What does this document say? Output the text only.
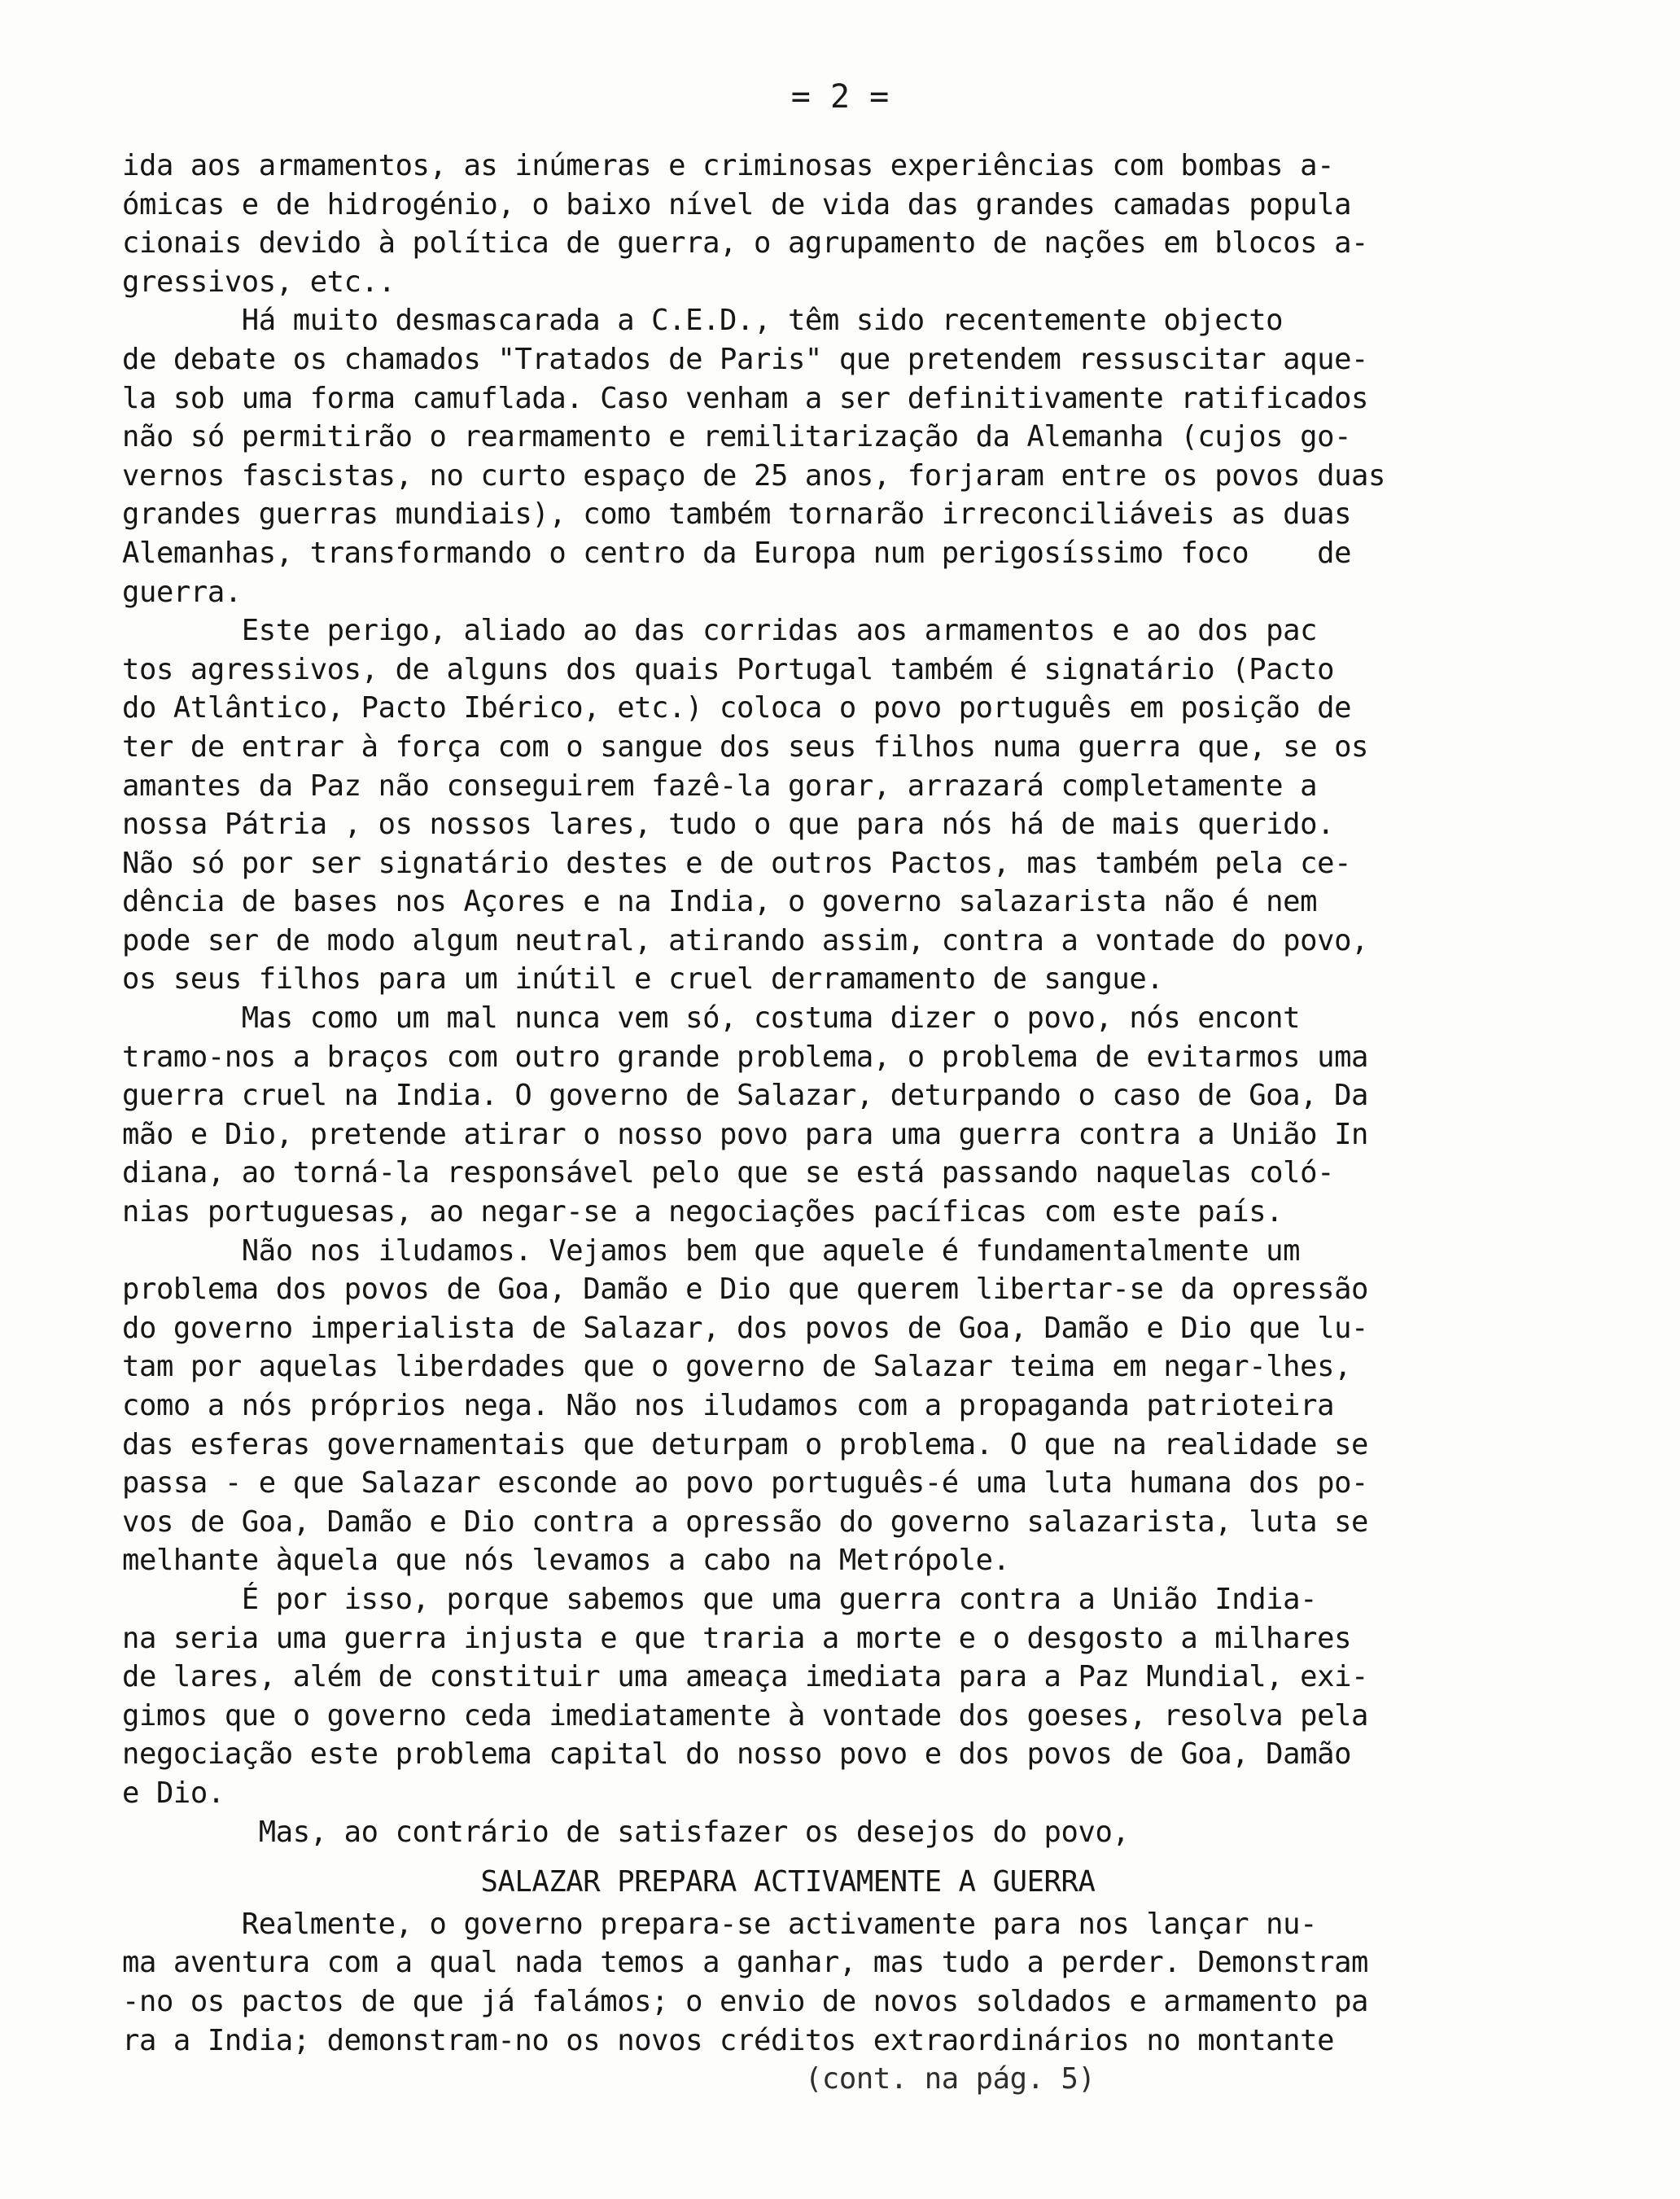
= 2 =
ida aos armamentos, as inúmeras e criminosas experiências com bombas a-
ómicas e de hidrogénio, o baixo nível de vida das grandes camadas popula
cionais devido à política de guerra, o agrupamento de nações em blocos a-
gressivos, etc..
Há muito desmascarada a C.E.D., têm sido recentemente objecto
de debate os chamados "Tratados de Paris" que pretendem ressuscitar aque-
la sob uma forma camuflada. Caso venham a ser definitivamente ratificados
não só permitirão o rearmamento e remilitarização da Alemanha (cujos go-
vernos fascistas, no curto espaço de 25 anos, forjaram entre os povos duas
grandes guerras mundiais), como também tornarão irreconciliáveis as duas
Alemanhas, transformando o centro da Europa num perigosíssimo foco    de
guerra.
Este perigo, aliado ao das corridas aos armamentos e ao dos pac
tos agressivos, de alguns dos quais Portugal também é signatário (Pacto
do Atlântico, Pacto Ibérico, etc.) coloca o povo português em posição de
ter de entrar à força com o sangue dos seus filhos numa guerra que, se os
amantes da Paz não conseguirem fazê-la gorar, arrazará completamente a
nossa Pátria , os nossos lares, tudo o que para nós há de mais querido.
Não só por ser signatário destes e de outros Pactos, mas também pela ce-
dência de bases nos Açores e na India, o governo salazarista não é nem
pode ser de modo algum neutral, atirando assim, contra a vontade do povo,
os seus filhos para um inútil e cruel derramamento de sangue.
Mas como um mal nunca vem só, costuma dizer o povo, nós encont
tramo-nos a braços com outro grande problema, o problema de evitarmos uma
guerra cruel na India. O governo de Salazar, deturpando o caso de Goa, Da
mão e Dio, pretende atirar o nosso povo para uma guerra contra a União In
diana, ao torná-la responsável pelo que se está passando naquelas coló-
nias portuguesas, ao negar-se a negociações pacíficas com este país.
Não nos iludamos. Vejamos bem que aquele é fundamentalmente um
problema dos povos de Goa, Damão e Dio que querem libertar-se da opressão
do governo imperialista de Salazar, dos povos de Goa, Damão e Dio que lu-
tam por aquelas liberdades que o governo de Salazar teima em negar-lhes,
como a nós próprios nega. Não nos iludamos com a propaganda patrioteira
das esferas governamentais que deturpam o problema. O que na realidade se
passa - e que Salazar esconde ao povo português-é uma luta humana dos po-
vos de Goa, Damão e Dio contra a opressão do governo salazarista, luta se
melhante àquela que nós levamos a cabo na Metrópole.
É por isso, porque sabemos que uma guerra contra a União India-
na seria uma guerra injusta e que traria a morte e o desgosto a milhares
de lares, além de constituir uma ameaça imediata para a Paz Mundial, exi-
gimos que o governo ceda imediatamente à vontade dos goeses, resolva pela
negociação este problema capital do nosso povo e dos povos de Goa, Damão
e Dio.
Mas, ao contrário de satisfazer os desejos do povo,
SALAZAR PREPARA ACTIVAMENTE A GUERRA
Realmente, o governo prepara-se activamente para nos lançar nu-
ma aventura com a qual nada temos a ganhar, mas tudo a perder. Demonstram
-no os pactos de que já falámos; o envio de novos soldados e armamento pa
ra a India; demonstram-no os novos créditos extraordinários no montante
(cont. na pág. 5)
